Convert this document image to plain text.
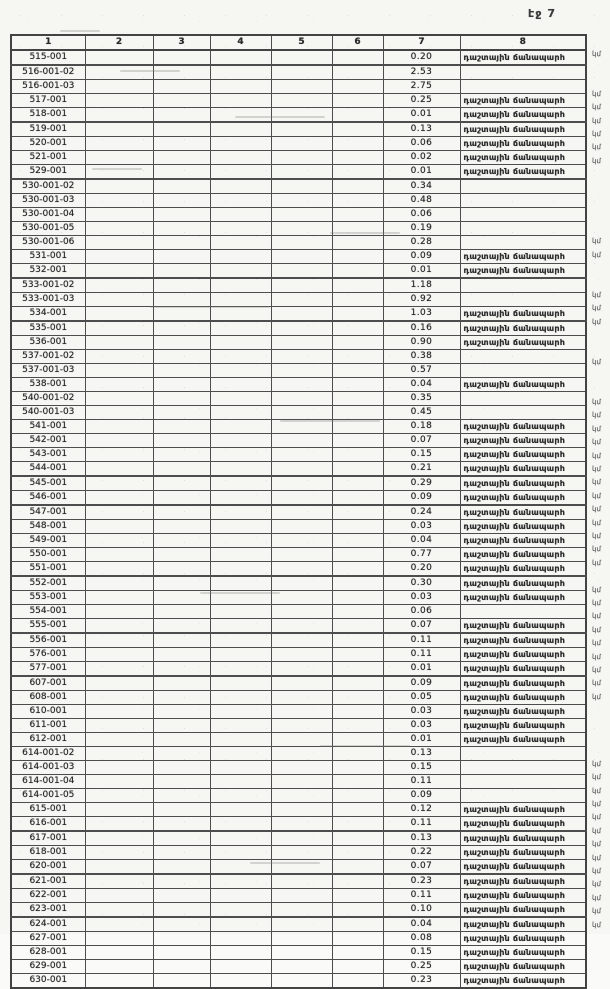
էջ 7
1	2	3	4	5	6	7	8
515-001						0.20	դաշտային ճանապարհ
516-001-02						2.53	
516-001-03						2.75	
517-001						0.25	դաշտային ճանապարհ
518-001						0.01	դաշտային ճանապարհ
519-001						0.13	դաշտային ճանապարհ
520-001						0.06	դաշտային ճանապարհ
521-001						0.02	դաշտային ճանապարհ
529-001						0.01	դաշտային ճանապարհ
530-001-02						0.34	
530-001-03						0.48	
530-001-04						0.06	
530-001-05						0.19	
530-001-06						0.28	
531-001						0.09	դաշտային ճանապարհ
532-001						0.01	դաշտային ճանապարհ
533-001-02						1.18	
533-001-03						0.92	
534-001						1.03	դաշտային ճանապարհ
535-001						0.16	դաշտային ճանապարհ
536-001						0.90	դաշտային ճանապարհ
537-001-02						0.38	
537-001-03						0.57	
538-001						0.04	դաշտային ճանապարհ
540-001-02						0.35	
540-001-03						0.45	
541-001						0.18	դաշտային ճանապարհ
542-001						0.07	դաշտային ճանապարհ
543-001						0.15	դաշտային ճանապարհ
544-001						0.21	դաշտային ճանապարհ
545-001						0.29	դաշտային ճանապարհ
546-001						0.09	դաշտային ճանապարհ
547-001						0.24	դաշտային ճանապարհ
548-001						0.03	դաշտային ճանապարհ
549-001						0.04	դաշտային ճանապարհ
550-001						0.77	դաշտային ճանապարհ
551-001						0.20	դաշտային ճանապարհ
552-001						0.30	դաշտային ճանապարհ
553-001						0.03	դաշտային ճանապարհ
554-001						0.06	
555-001						0.07	դաշտային ճանապարհ
556-001						0.11	դաշտային ճանապարհ
576-001						0.11	դաշտային ճանապարհ
577-001						0.01	դաշտային ճանապարհ
607-001						0.09	դաշտային ճանապարհ
608-001						0.05	դաշտային ճանապարհ
610-001						0.03	դաշտային ճանապարհ
611-001						0.03	դաշտային ճանապարհ
612-001						0.01	դաշտային ճանապարհ
614-001-02						0.13	
614-001-03						0.15	
614-001-04						0.11	
614-001-05						0.09	
615-001						0.12	դաշտային ճանապարհ
616-001						0.11	դաշտային ճանապարհ
617-001						0.13	դաշտային ճանապարհ
618-001						0.22	դաշտային ճանապարհ
620-001						0.07	դաշտային ճանապարհ
621-001						0.23	դաշտային ճանապարհ
622-001						0.11	դաշտային ճանապարհ
623-001						0.10	դաշտային ճանապարհ
624-001						0.04	դաշտային ճանապարհ
627-001						0.08	դաշտային ճանապարհ
628-001						0.15	դաշտային ճանապարհ
629-001						0.25	դաշտային ճանապարհ
630-001						0.23	դաշտային ճանապարհ
կմ
կմ
կմ
կմ
կմ
կմ
կմ
կմ
կմ
կմ
կմ
կմ
կմ
կմ
կմ
կմ
կմ
կմ
կմ
կմ
կմ
կմ
կմ
կմ
կմ
կմ
կմ
կմ
կմ
կմ
կմ
կմ
կմ
կմ
կմ
կմ
կմ
կմ
կմ
կմ
կմ
կմ
կմ
կմ
կմ
կմ
կմ
կմ
